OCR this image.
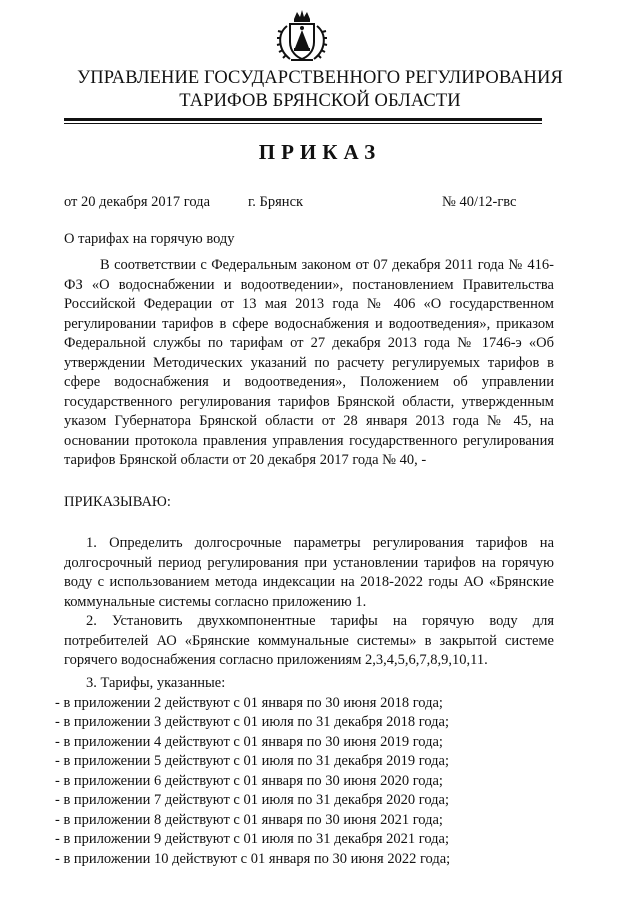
УПРАВЛЕНИЕ ГОСУДАРСТВЕННОГО РЕГУЛИРОВАНИЯ
ТАРИФОВ БРЯНСКОЙ ОБЛАСТИ
ПРИКАЗ
от 20 декабря 2017 года	г. Брянск	№ 40/12-гвс
О тарифах на горячую воду

В соответствии с Федеральным законом от 07 декабря 2011 года № 416-ФЗ «О водоснабжении и водоотведении», постановлением Правительства Российской Федерации от 13 мая 2013 года № 406 «О государственном регулировании тарифов в сфере водоснабжения и водоотведения», приказом Федеральной службы по тарифам от 27 декабря 2013 года № 1746-э «Об утверждении Методических указаний по расчету регулируемых тарифов в сфере водоснабжения и водоотведения», Положением об управлении государственного регулирования тарифов Брянской области, утвержденным указом Губернатора Брянской области от 28 января 2013 года № 45, на основании протокола правления управления государственного регулирования тарифов Брянской области от 20 декабря 2017 года № 40, -

ПРИКАЗЫВАЮ:

1. Определить долгосрочные параметры регулирования тарифов на долгосрочный период регулирования при установлении тарифов на горячую воду с использованием метода индексации на 2018-2022 годы АО «Брянские коммунальные системы согласно приложению 1.

2. Установить двухкомпонентные тарифы на горячую воду для потребителей АО «Брянские коммунальные системы» в закрытой системе горячего водоснабжения согласно приложениям 2,3,4,5,6,7,8,9,10,11.

3. Тарифы, указанные:

- в приложении 2 действуют с 01 января по 30 июня 2018 года;

- в приложении 3 действуют с 01 июля по 31 декабря 2018 года;

- в приложении 4 действуют с 01 января по 30 июня 2019 года;

- в приложении 5 действуют с 01 июля по 31 декабря 2019 года;

- в приложении 6 действуют с 01 января по 30 июня 2020 года;

- в приложении 7 действуют с 01 июля по 31 декабря 2020 года;

- в приложении 8 действуют с 01 января по 30 июня 2021 года;

- в приложении 9 действуют с 01 июля по 31 декабря 2021 года;

- в приложении 10 действуют с 01 января по 30 июня 2022 года;
